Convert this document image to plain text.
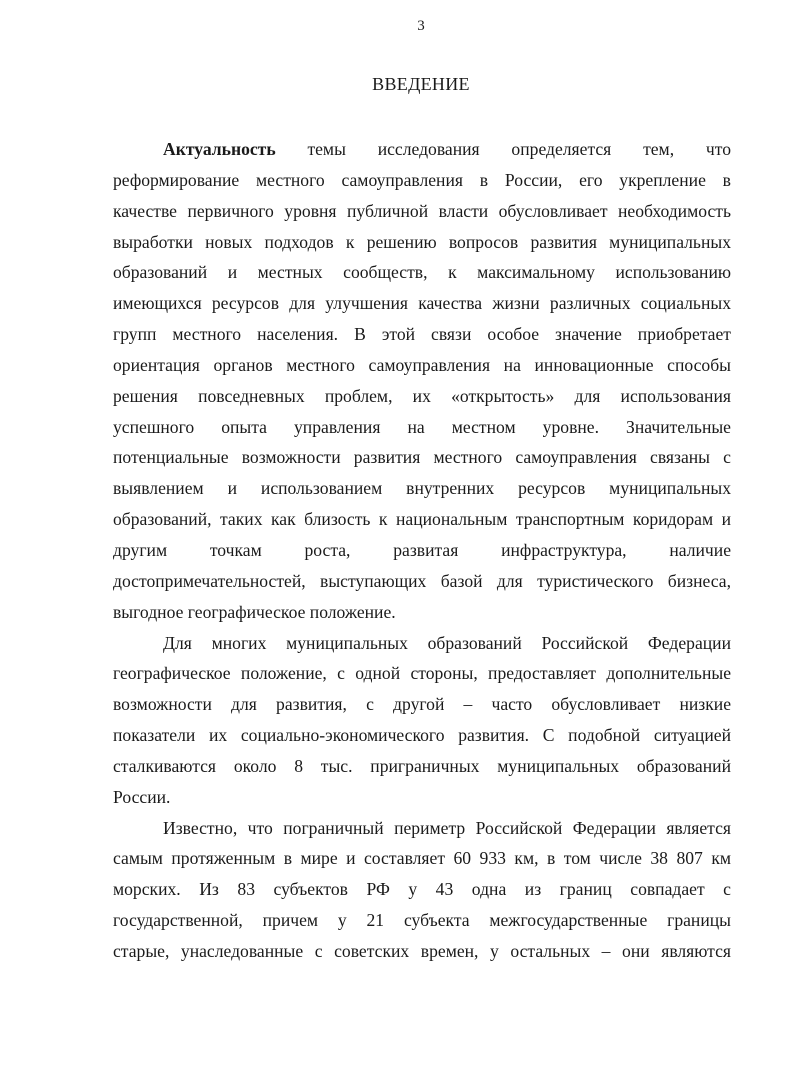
3
ВВЕДЕНИЕ
Актуальность темы исследования определяется тем, что
реформирование местного самоуправления в России, его укрепление в
качестве первичного уровня публичной власти обусловливает необходимость
выработки новых подходов к решению вопросов развития муниципальных
образований и местных сообществ, к максимальному использованию
имеющихся ресурсов для улучшения качества жизни различных социальных
групп местного населения. В этой связи особое значение приобретает
ориентация органов местного самоуправления на инновационные способы
решения повседневных проблем, их «открытость» для использования
успешного опыта управления на местном уровне. Значительные
потенциальные возможности развития местного самоуправления связаны с
выявлением и использованием внутренних ресурсов муниципальных
образований, таких как близость к национальным транспортным коридорам и
другим точкам роста, развитая инфраструктура, наличие
достопримечательностей, выступающих базой для туристического бизнеса,
выгодное географическое положение.
Для многих муниципальных образований Российской Федерации
географическое положение, с одной стороны, предоставляет дополнительные
возможности для развития, с другой – часто обусловливает низкие
показатели их социально-экономического развития. С подобной ситуацией
сталкиваются около 8 тыс. приграничных муниципальных образований
России.
Известно, что пограничный периметр Российской Федерации является
самым протяженным в мире и составляет 60 933 км, в том числе 38 807 км
морских. Из 83 субъектов РФ у 43 одна из границ совпадает с
государственной, причем у 21 субъекта межгосударственные границы
старые, унаследованные с советских времен, у остальных – они являются
